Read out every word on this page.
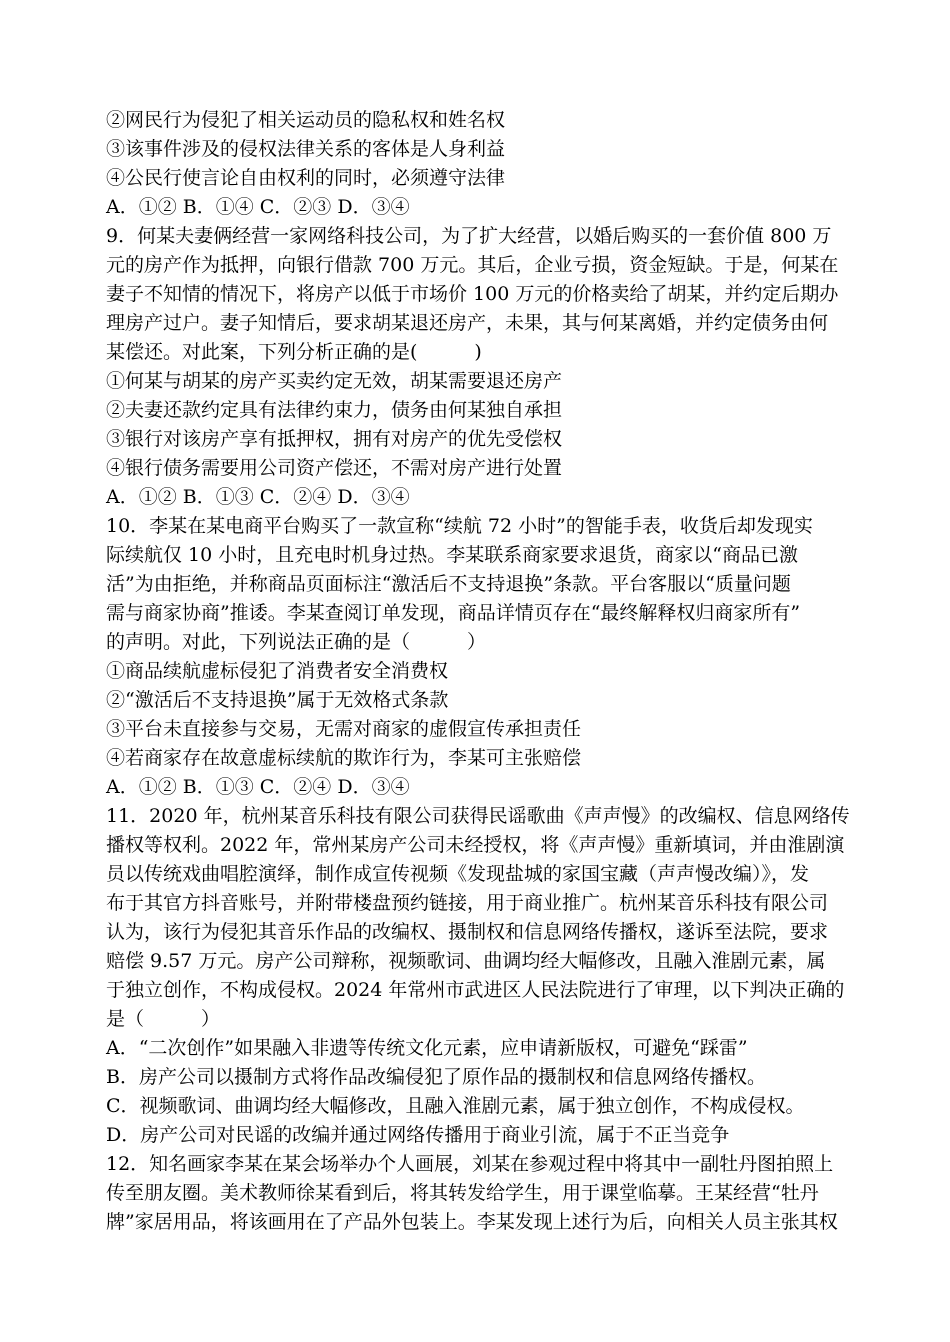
②网民行为侵犯了相关运动员的隐私权和姓名权

③该事件涉及的侵权法律关系的客体是人身利益

④公民行使言论自由权利的同时，必须遵守法律

A．①② B．①④ C．②③ D．③④

9．何某夫妻俩经营一家网络科技公司，为了扩大经营，以婚后购买的一套价值 800 万

元的房产作为抵押，向银行借款 700 万元。其后，企业亏损，资金短缺。于是，何某在

妻子不知情的情况下，将房产以低于市场价 100 万元的价格卖给了胡某，并约定后期办

理房产过户。妻子知情后，要求胡某退还房产，未果，其与何某离婚，并约定债务由何

某偿还。对此案，下列分析正确的是(　　　)

①何某与胡某的房产买卖约定无效，胡某需要退还房产

②夫妻还款约定具有法律约束力，债务由何某独自承担

③银行对该房产享有抵押权，拥有对房产的优先受偿权

④银行债务需要用公司资产偿还，不需对房产进行处置

A．①② B．①③ C．②④ D．③④

10．李某在某电商平台购买了一款宣称“续航 72 小时”的智能手表，收货后却发现实

际续航仅 10 小时，且充电时机身过热。李某联系商家要求退货，商家以“商品已激

活”为由拒绝，并称商品页面标注“激活后不支持退换”条款。平台客服以“质量问题

需与商家协商”推诿。李某查阅订单发现，商品详情页存在“最终解释权归商家所有”

的声明。对此，下列说法正确的是（　　　）

①商品续航虚标侵犯了消费者安全消费权

②“激活后不支持退换”属于无效格式条款

③平台未直接参与交易，无需对商家的虚假宣传承担责任

④若商家存在故意虚标续航的欺诈行为，李某可主张赔偿

A．①② B．①③ C．②④ D．③④

11．2020 年，杭州某音乐科技有限公司获得民谣歌曲《声声慢》的改编权、信息网络传

播权等权利。2022 年，常州某房产公司未经授权，将《声声慢》重新填词，并由淮剧演

员以传统戏曲唱腔演绎，制作成宣传视频《发现盐城的家国宝藏（声声慢改编）》，发

布于其官方抖音账号，并附带楼盘预约链接，用于商业推广。杭州某音乐科技有限公司

认为，该行为侵犯其音乐作品的改编权、摄制权和信息网络传播权，遂诉至法院，要求

赔偿 9.57 万元。房产公司辩称，视频歌词、曲调均经大幅修改，且融入淮剧元素，属

于独立创作，不构成侵权。2024 年常州市武进区人民法院进行了审理，以下判决正确的

是（　　　）

A．“二次创作”如果融入非遗等传统文化元素，应申请新版权，可避免“踩雷”

B．房产公司以摄制方式将作品改编侵犯了原作品的摄制权和信息网络传播权。

C．视频歌词、曲调均经大幅修改，且融入淮剧元素，属于独立创作，不构成侵权。

D．房产公司对民谣的改编并通过网络传播用于商业引流，属于不正当竞争

12．知名画家李某在某会场举办个人画展，刘某在参观过程中将其中一副牡丹图拍照上

传至朋友圈。美术教师徐某看到后，将其转发给学生，用于课堂临摹。王某经营“牡丹

牌”家居用品，将该画用在了产品外包装上。李某发现上述行为后，向相关人员主张其权
